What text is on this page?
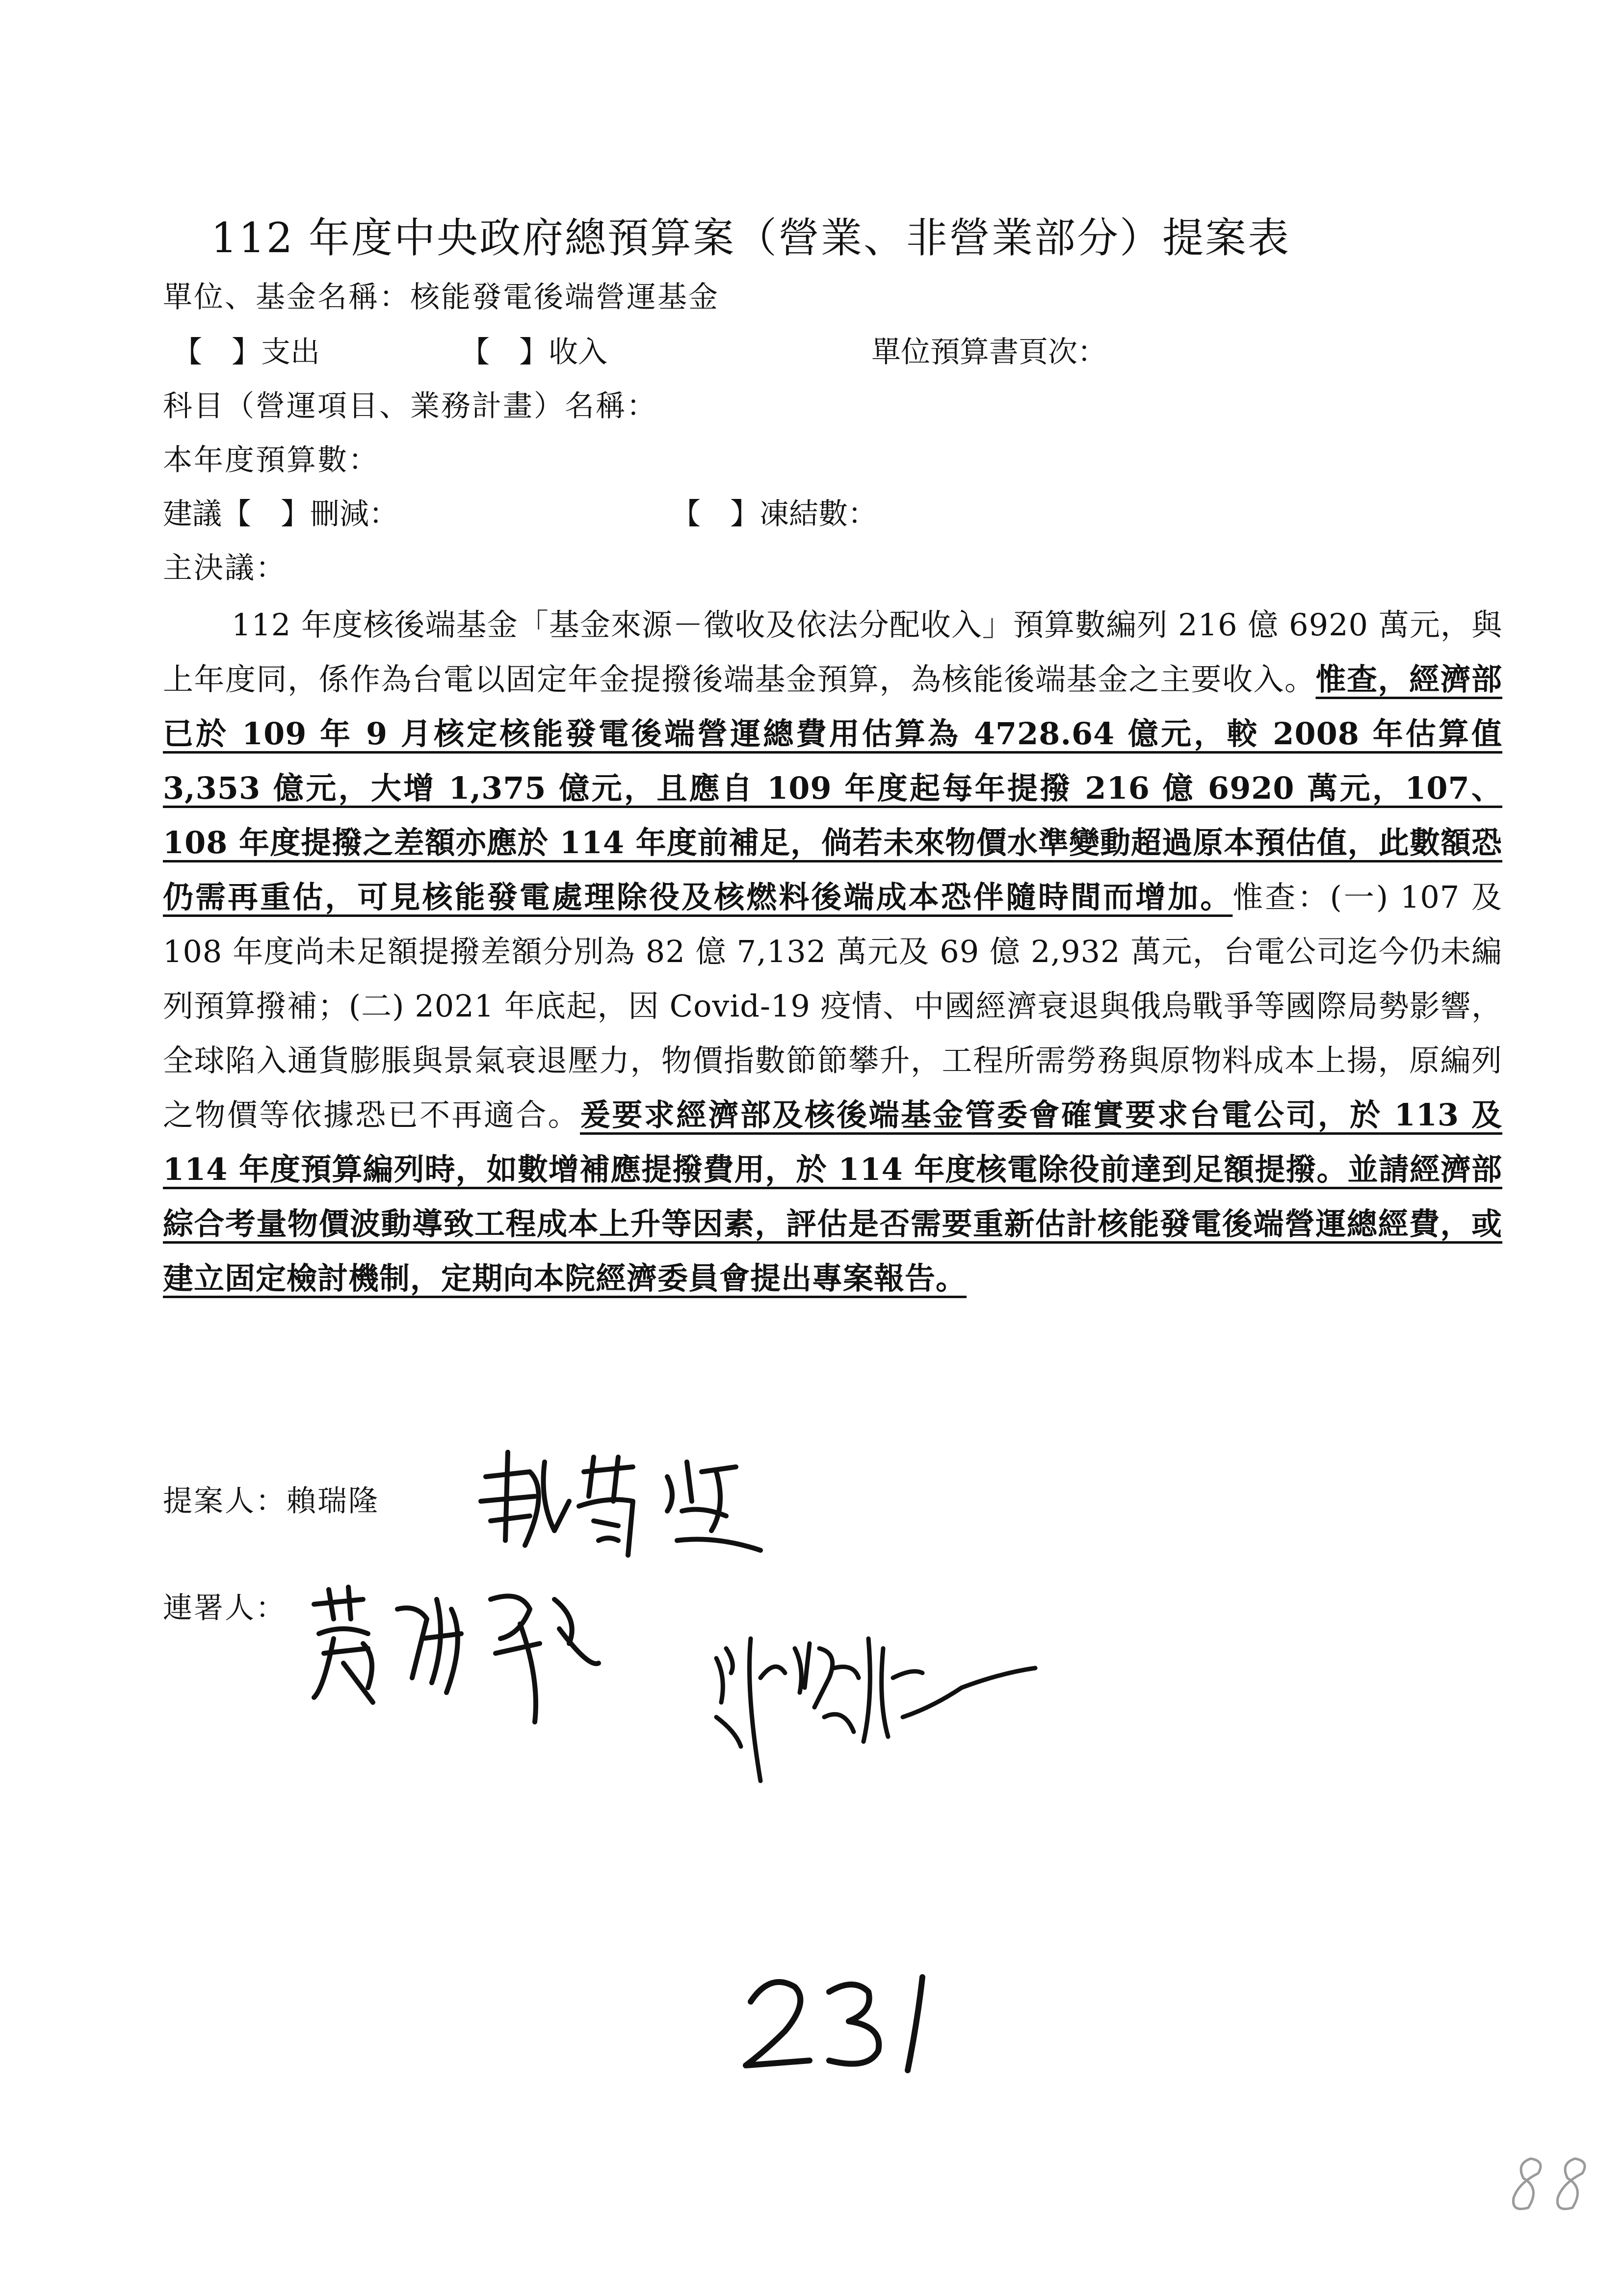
112 年度中央政府總預算案（營業、非營業部分）提案表
單位、基金名稱：核能發電後端營運基金
【　】支出	【　】收入	單位預算書頁次：
科目（營運項目、業務計畫）名稱：
本年度預算數：
建議【　】刪減：	【　】凍結數：
主決議：
112 年度核後端基金「基金來源－徵收及依法分配收入」預算數編列 216 億 6920 萬元，與上年度同，係作為台電以固定年金提撥後端基金預算，為核能後端基金之主要收入。惟查，經濟部已於 109 年 9 月核定核能發電後端營運總費用估算為 4728.64 億元，較 2008 年估算值 3,353 億元，大增 1,375 億元，且應自 109 年度起每年提撥 216 億 6920 萬元，107、108 年度提撥之差額亦應於 114 年度前補足，倘若未來物價水準變動超過原本預估值，此數額恐仍需再重估，可見核能發電處理除役及核燃料後端成本恐伴隨時間而增加。惟查：(一) 107 及 108 年度尚未足額提撥差額分別為 82 億 7,132 萬元及 69 億 2,932 萬元，台電公司迄今仍未編列預算撥補；(二) 2021 年底起，因 Covid-19 疫情、中國經濟衰退與俄烏戰爭等國際局勢影響，全球陷入通貨膨脹與景氣衰退壓力，物價指數節節攀升，工程所需勞務與原物料成本上揚，原編列之物價等依據恐已不再適合。爰要求經濟部及核後端基金管委會確實要求台電公司，於 113 及 114 年度預算編列時，如數增補應提撥費用，於 114 年度核電除役前達到足額提撥。並請經濟部綜合考量物價波動導致工程成本上升等因素，評估是否需要重新估計核能發電後端營運總經費，或建立固定檢討機制，定期向本院經濟委員會提出專案報告。
提案人：賴瑞隆
連署人：
